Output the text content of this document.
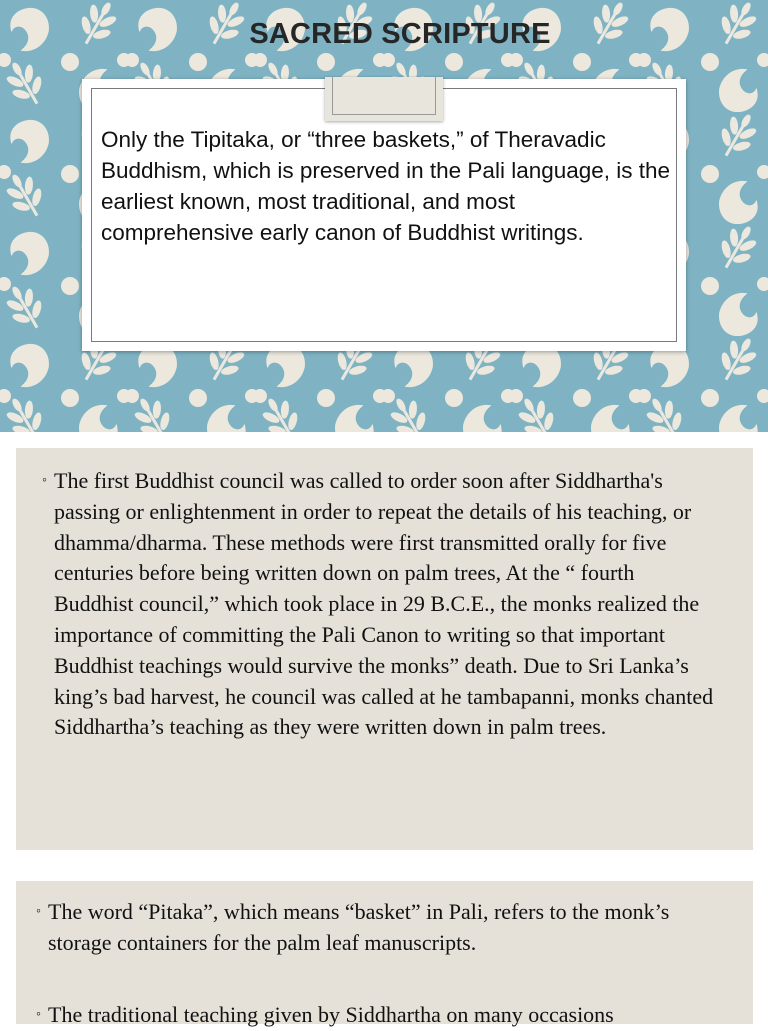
SACRED SCRIPTURE
Only the Tipitaka, or “three baskets,” of Theravadic Buddhism, which is preserved in the Pali language, is the earliest known, most traditional, and most comprehensive early canon of Buddhist writings.
◦ The first Buddhist council was called to order soon after Siddhartha's passing or enlightenment in order to repeat the details of his teaching, or dhamma/dharma. These methods were first transmitted orally for five centuries before being written down on palm trees, At the “ fourth Buddhist council,” which took place in 29 B.C.E., the monks realized the importance of committing the Pali Canon to writing so that important Buddhist teachings would survive the monks” death. Due to Sri Lanka’s king’s bad harvest, he council was called at he tambapanni, monks chanted Siddhartha’s teaching as they were written down in palm trees.
◦ The word “Pitaka”, which means “basket” in Pali, refers to the monk’s storage containers for the palm leaf manuscripts.
◦ The traditional teaching given by Siddhartha on many occasions
